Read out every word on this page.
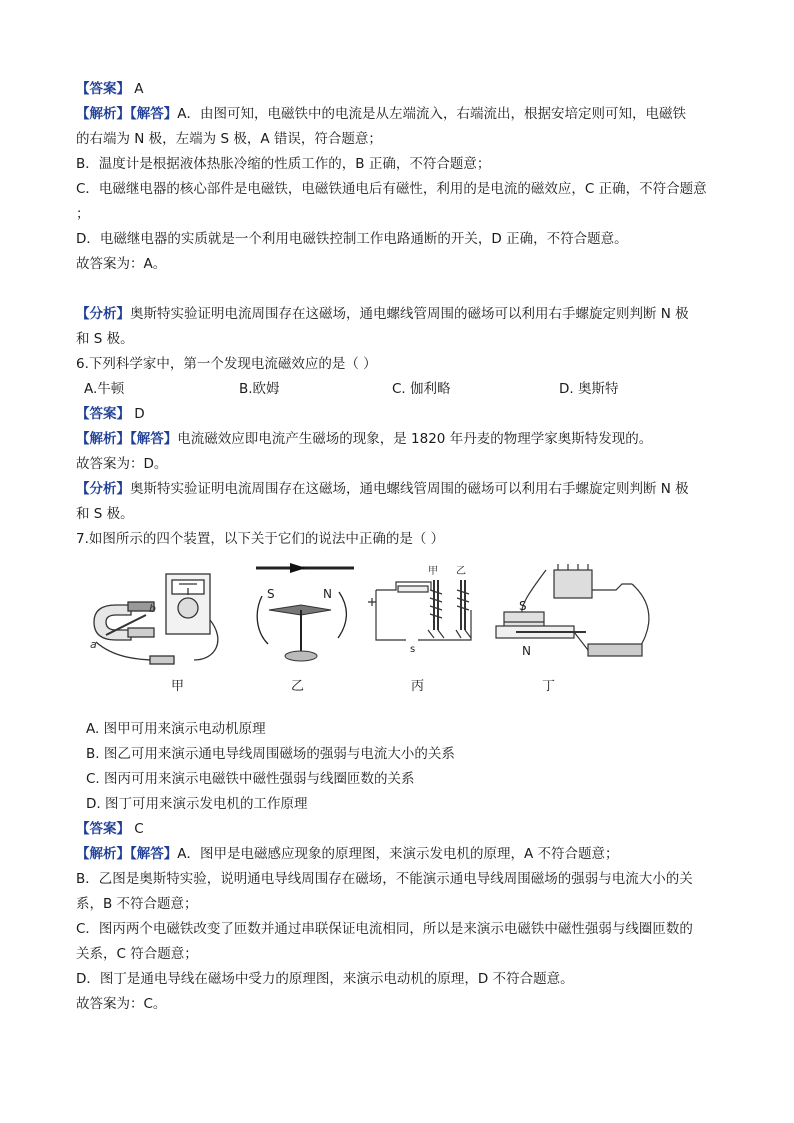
【答案】 A
【解析】【解答】A．由图可知，电磁铁中的电流是从左端流入，右端流出，根据安培定则可知，电磁铁
的右端为 N 极，左端为 S 极，A 错误，符合题意；
B．温度计是根据液体热胀冷缩的性质工作的，B 正确，不符合题意；
C．电磁继电器的核心部件是电磁铁，电磁铁通电后有磁性，利用的是电流的磁效应，C 正确，不符合题意
；
D．电磁继电器的实质就是一个利用电磁铁控制工作电路通断的开关，D 正确，不符合题意。
故答案为：A。
【分析】奥斯特实验证明电流周围存在这磁场，通电螺线管周围的磁场可以利用右手螺旋定则判断 N 极
和 S 极。
6.下列科学家中，第一个发现电流磁效应的是（ ）
A.牛顿	B.欧姆	C. 伽利略	D. 奥斯特
【答案】 D
【解析】【解答】电流磁效应即电流产生磁场的现象，是 1820 年丹麦的物理学家奥斯特发现的。
故答案为：D。
【分析】奥斯特实验证明电流周围存在这磁场，通电螺线管周围的磁场可以利用右手螺旋定则判断 N 极
和 S 极。
7.如图所示的四个装置，以下关于它们的说法中正确的是（ ）
a
b
S	N
甲 乙
s
S
N
甲	乙	丙	丁
A. 图甲可用来演示电动机原理
B. 图乙可用来演示通电导线周围磁场的强弱与电流大小的关系
C. 图丙可用来演示电磁铁中磁性强弱与线圈匝数的关系
D. 图丁可用来演示发电机的工作原理
【答案】 C
【解析】【解答】A．图甲是电磁感应现象的原理图，来演示发电机的原理，A 不符合题意；
B．乙图是奥斯特实验，说明通电导线周围存在磁场，不能演示通电导线周围磁场的强弱与电流大小的关
系，B 不符合题意；
C．图丙两个电磁铁改变了匝数并通过串联保证电流相同，所以是来演示电磁铁中磁性强弱与线圈匝数的
关系，C 符合题意；
D．图丁是通电导线在磁场中受力的原理图，来演示电动机的原理，D 不符合题意。
故答案为：C。
